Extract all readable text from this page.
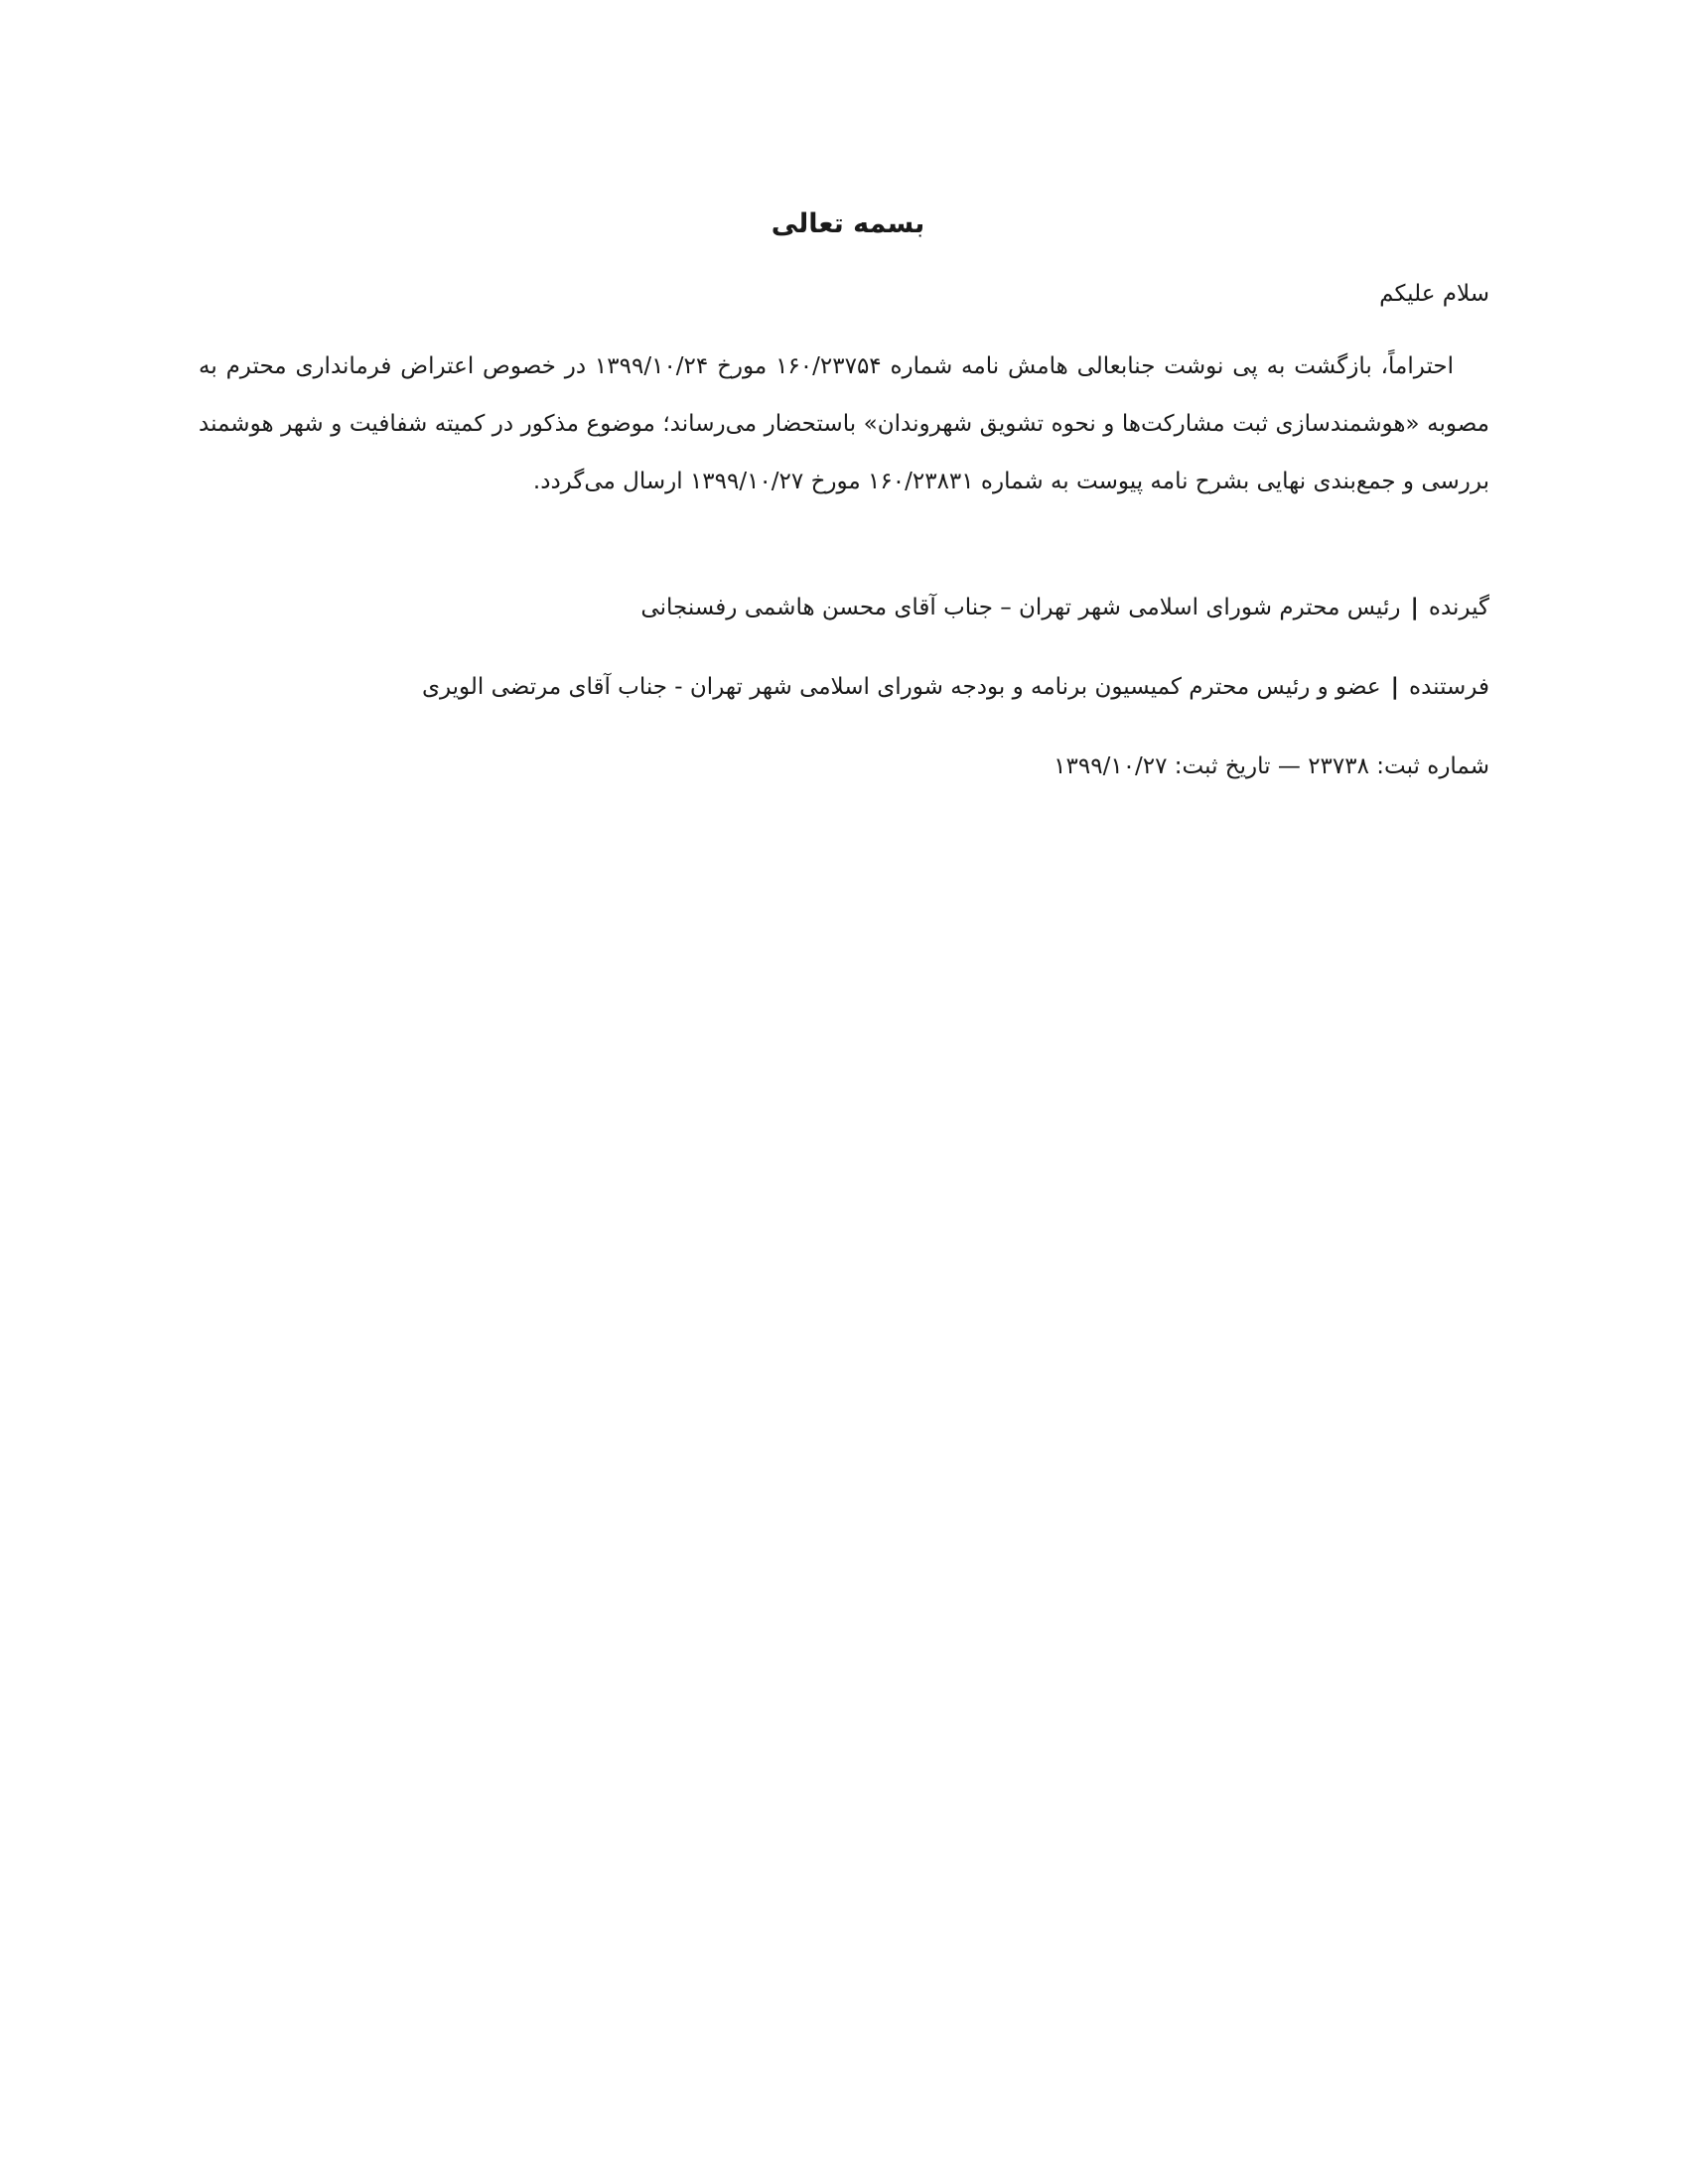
بسمه تعالی
سلام علیکم
احتراماً، بازگشت به پی نوشت جنابعالی هامش نامه شماره ۱۶۰/۲۳۷۵۴ مورخ ۱۳۹۹/۱۰/۲۴ در خصوص اعتراض فرمانداری محترم به مصوبه «هوشمندسازی ثبت مشارکت‌ها و نحوه تشویق شهروندان» باستحضار می‌رساند؛ موضوع مذکور در کمیته شفافیت و شهر هوشمند بررسی و جمع‌بندی نهایی بشرح نامه پیوست به شماره ۱۶۰/۲۳۸۳۱ مورخ ۱۳۹۹/۱۰/۲۷ ارسال می‌گردد.
گیرنده|رئیس محترم شورای اسلامی شهر تهران – جناب آقای محسن هاشمی رفسنجانی
فرستنده|عضو و رئیس محترم کمیسیون برنامه و بودجه شورای اسلامی شهر تهران - جناب آقای مرتضی الویری
شماره ثبت: ۲۳۷۳۸ — تاریخ ثبت: ۱۳۹۹/۱۰/۲۷
